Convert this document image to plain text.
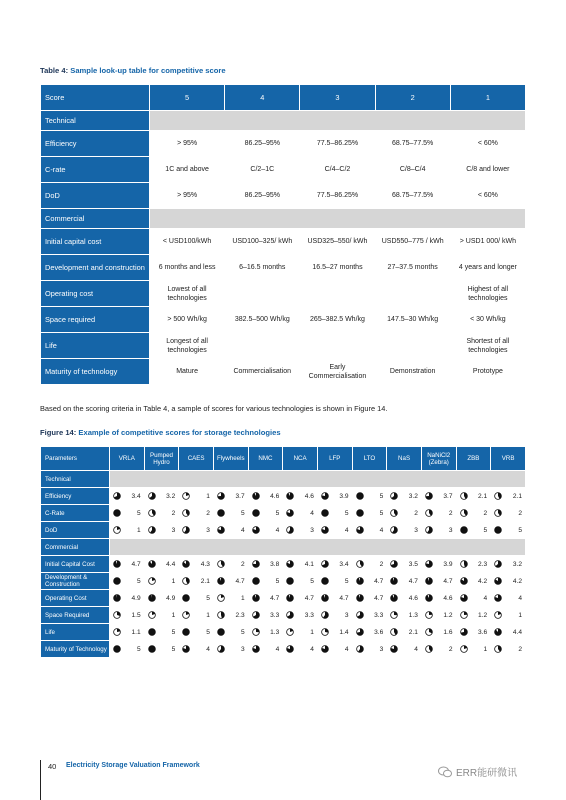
Table 4: Sample look-up table for competitive score
Score	5	4	3	2	1
Technical					
Efficiency	> 95%	86.25–95%	77.5–86.25%	68.75–77.5%	< 60%
C-rate	1C and above	C/2–1C	C/4–C/2	C/8–C/4	C/8 and lower
DoD	> 95%	86.25–95%	77.5–86.25%	68.75–77.5%	< 60%
Commercial					
Initial capital cost	< USD100/kWh	USD100–325/ kWh	USD325–550/ kWh	USD550–775 / kWh	> USD1 000/ kWh
Development and construction	6 months and less	6–16.5 months	16.5–27 months	27–37.5 months	4 years and longer
Operating cost	Lowest of all technologies				Highest of all technologies
Space required	> 500 Wh/kg	382.5–500 Wh/kg	265–382.5 Wh/kg	147.5–30 Wh/kg	< 30 Wh/kg
Life	Longest of all technologies				Shortest of all technologies
Maturity of technology	Mature	Commercialisation	Early Commercialisation	Demonstration	Prototype
Based on the scoring criteria in Table 4, a sample of scores for various technologies is shown in Figure 14.
Figure 14: Example of competitive scores for storage technologies
Parameters	VRLA	Pumped Hydro	CAES	Flywheels	NMC	NCA	LFP	LTO	NaS	NaNiCl2 (Zebra)	ZBB	VRB
Technical												
Efficiency	3.4	3.2	1	3.7	4.6	4.6	3.9	5	3.2	3.7	2.1	2.1

C-Rate	5	2	2	5	5	4	5	5	2	2	2	2

DoD	1	3	3	4	4	3	4	4	3	3	5	5

Commercial												
Initial Capital Cost	4.7	4.4	4.3	2	3.8	4.1	3.4	2	3.5	3.9	2.3	3.2

Development & Construction	5	1	2.1	4.7	5	5	5	4.7	4.7	4.7	4.2	4.2

Operating Cost	4.9	4.9	5	1	4.7	4.7	4.7	4.7	4.6	4.6	4	4

Space Required	1.5	1	1	2.3	3.3	3.3	3	3.3	1.3	1.2	1.2	1

Life	1.1	5	5	5	1.3	1	1.4	3.6	2.1	1.6	3.6	4.4

Maturity of Technology	5	5	4	3	4	4	4	3	4	2	1	2
40 Electricity Storage Valuation Framework
ERR能研微讯
